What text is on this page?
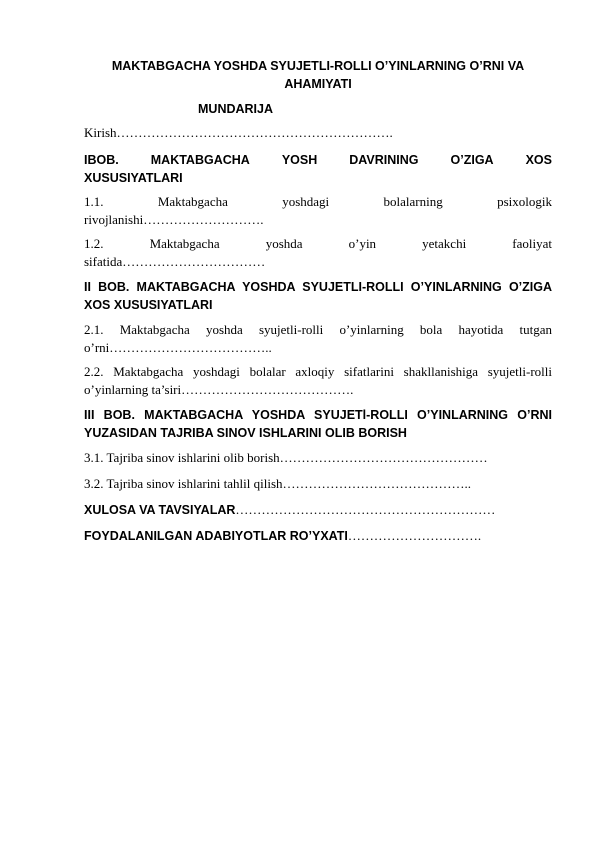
MAKTABGACHA YOSHDA SYUJETLI-ROLLI O’YINLARNING O’RNI VA AHAMIYATI
MUNDARIJA
Kirish……………………………………………………….
IBOB.	MAKTABGACHA	YOSH	DAVRINING	O’ZIGA	XOS
XUSUSIYATLARI
1.1.	Maktabgacha	yoshdagi	bolalarning	psixologik
rivojlanishi……………………….
1.2.	Maktabgacha	yoshda	o’yin	yetakchi	faoliyat
sifatida……………………………
II BOB. MAKTABGACHA YOSHDA SYUJETLI-ROLLI O’YINLARNING O’ZIGA XOS XUSUSIYATLARI
2.1. Maktabgacha yoshda syujetli-rolli o’yinlarning bola hayotida tutgan o’rni………………………………..
2.2. Maktabgacha yoshdagi bolalar axloqiy sifatlarini shakllanishiga syujetli-rolli o’yinlarning ta’siri………………………………….
III BOB. MAKTABGACHA YOSHDA SYUJETl-ROLLI O’YINLARNING O’RNI YUZASIDAN TAJRIBA SINOV ISHLARINI OLIB BORISH
3.1. Tajriba sinov ishlarini olib borish…………………………………………
3.2. Tajriba sinov ishlarini tahlil qilish……………………………………..
XULOSA VA TAVSIYALAR……………………………………………………
FOYDALANILGAN ADABIYOTLAR RO’YXATI………………………….
